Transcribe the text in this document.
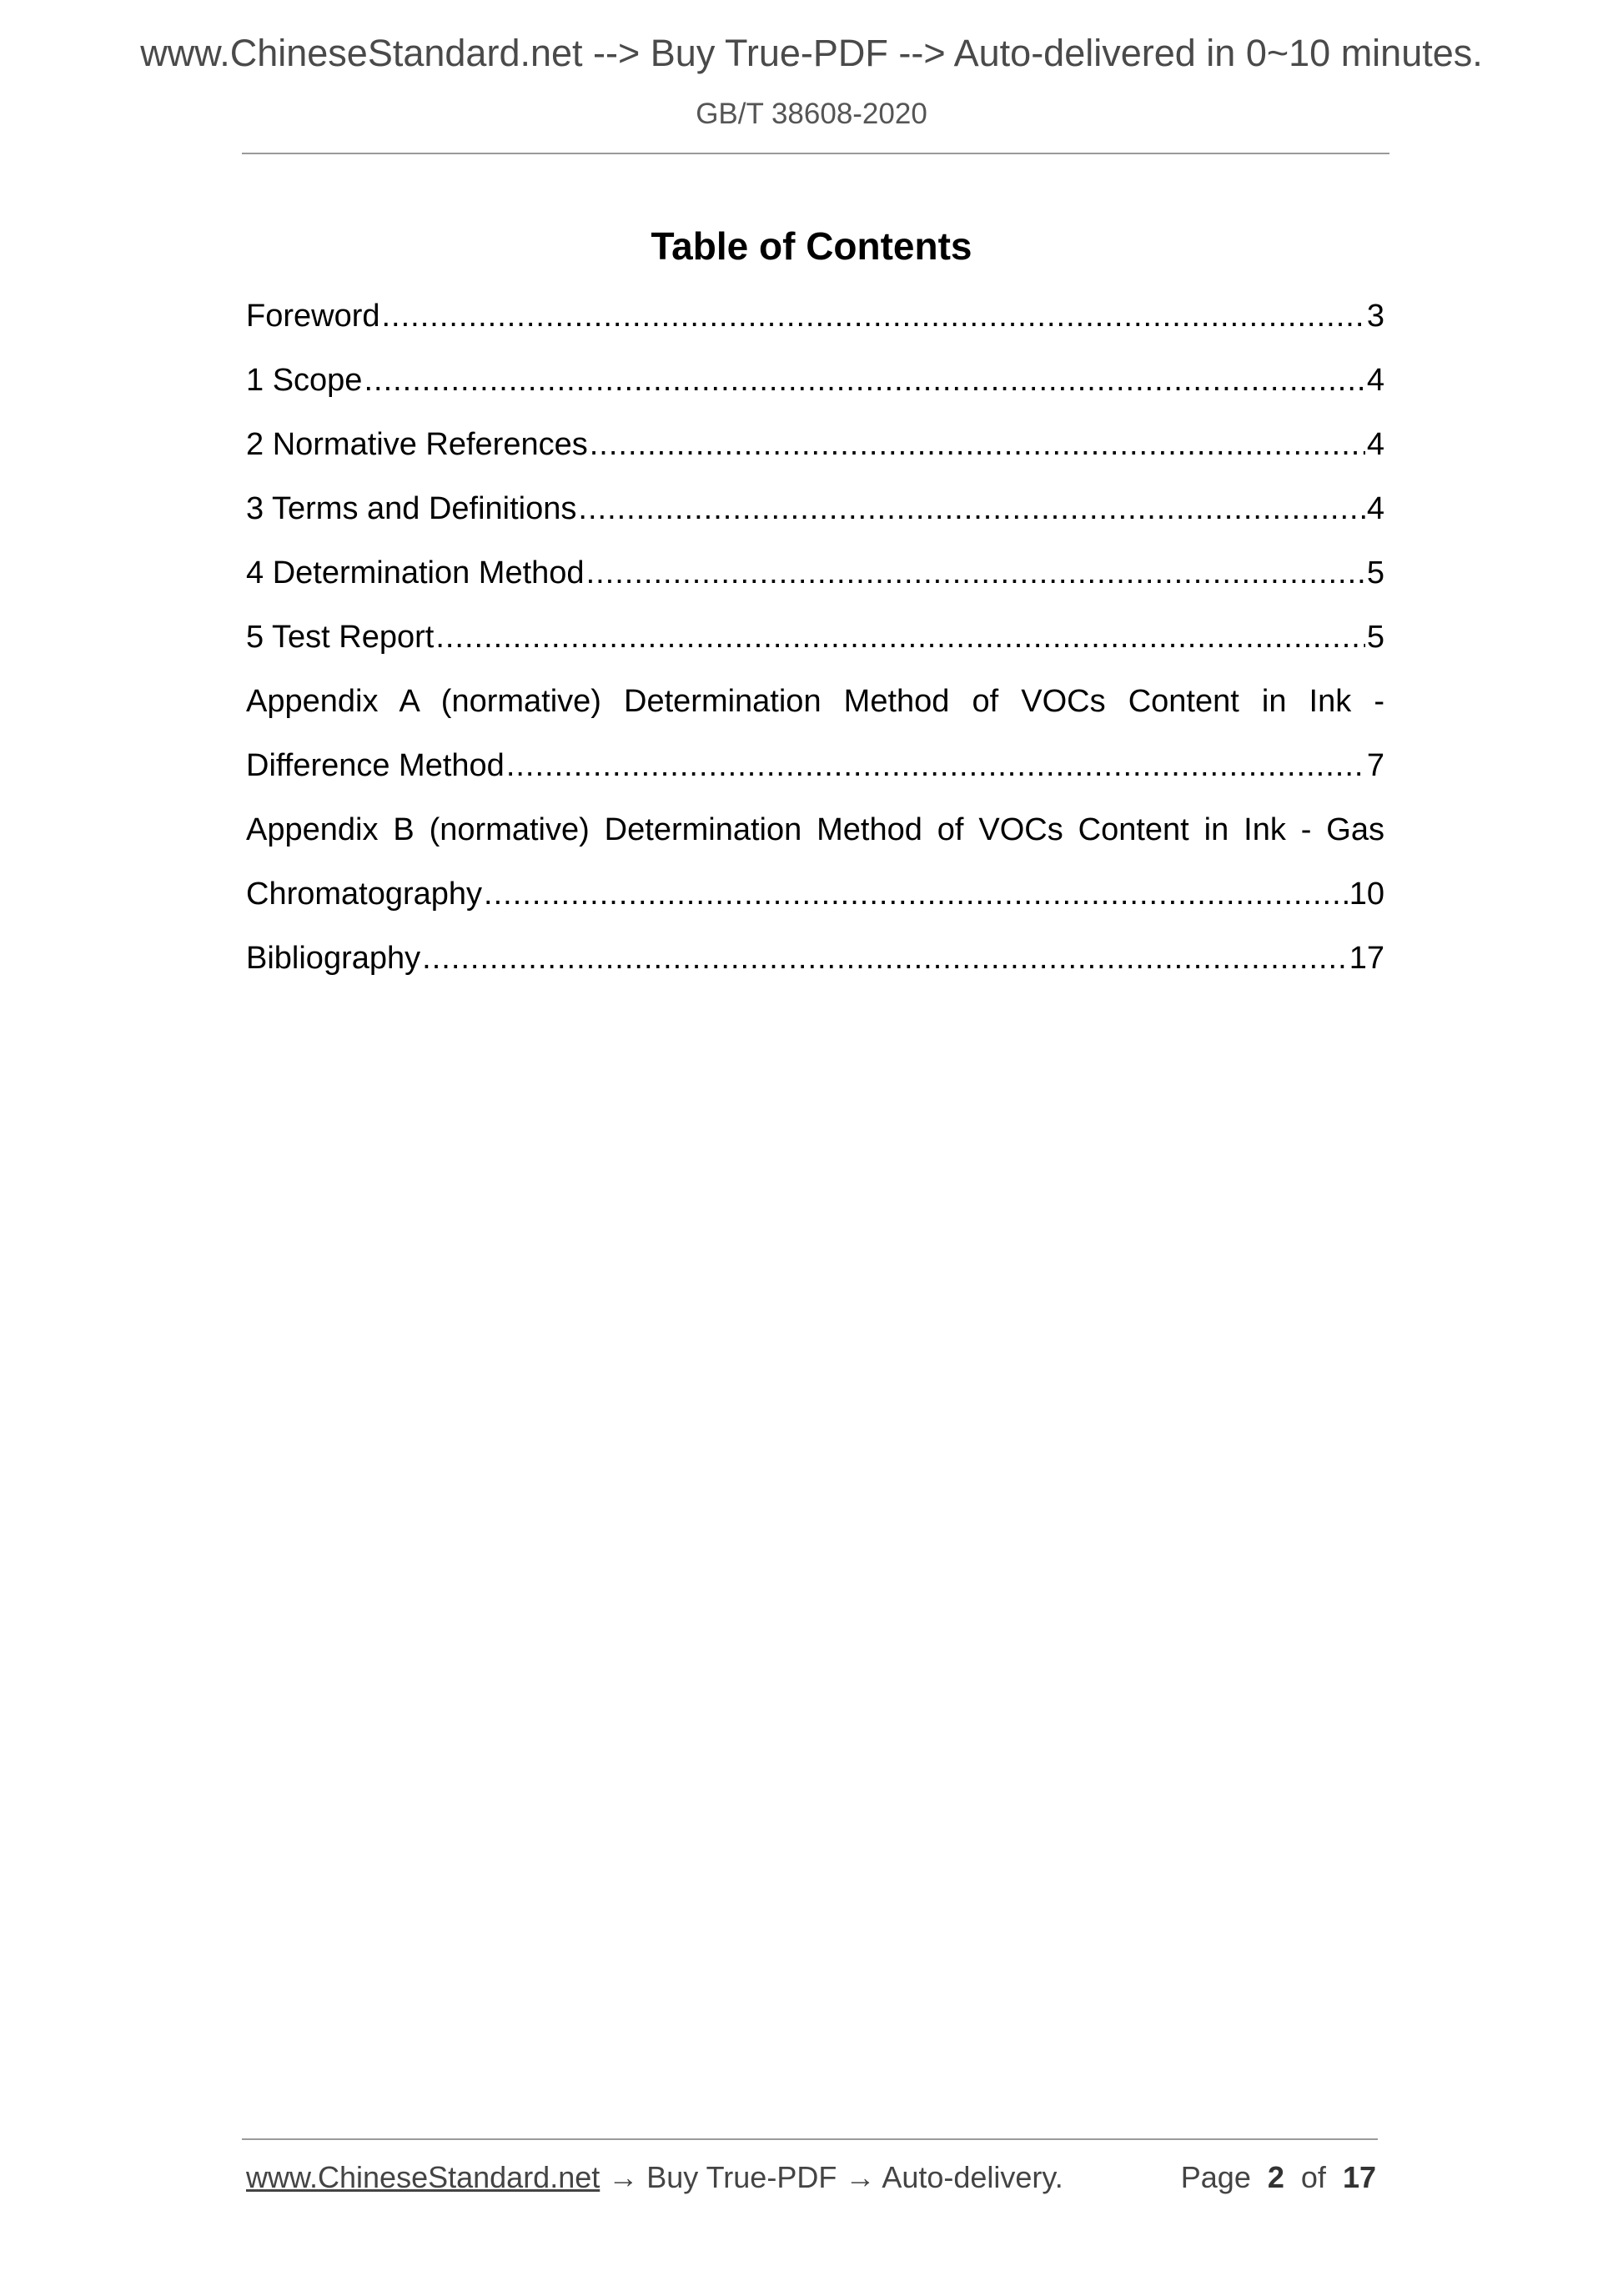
www.ChineseStandard.net --> Buy True-PDF --> Auto-delivered in 0~10 minutes.
GB/T 38608-2020
Table of Contents
Foreword .....	3
1 Scope .....	4
2 Normative References .....	4
3 Terms and Definitions .....	4
4 Determination Method .....	5
5 Test Report .....	5
Appendix A (normative) Determination Method of VOCs Content in Ink -
Difference Method .....	7
Appendix B (normative) Determination Method of VOCs Content in Ink - Gas
Chromatography .....	10
Bibliography .....	17
www.ChineseStandard.net → Buy True-PDF → Auto-delivery.	Page 2 of 17
